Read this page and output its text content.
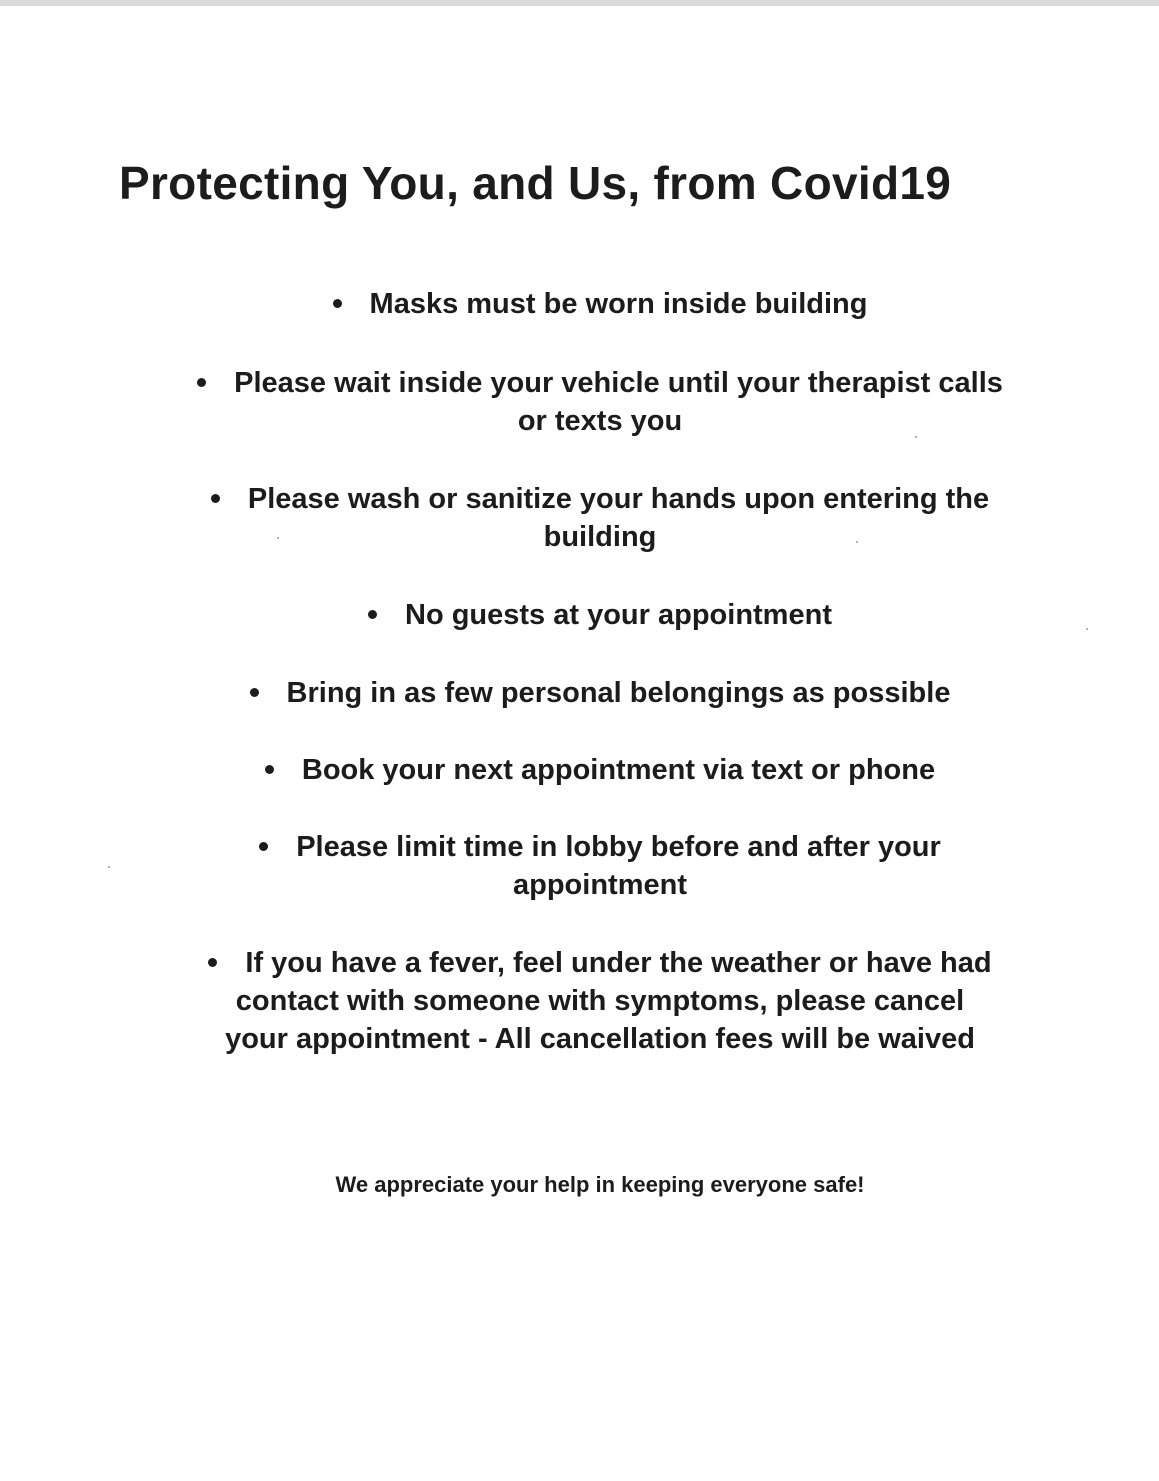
Protecting You, and Us, from Covid19
Masks must be worn inside building
Please wait inside your vehicle until your therapist calls
or texts you
Please wash or sanitize your hands upon entering the
building
No guests at your appointment
Bring in as few personal belongings as possible
Book your next appointment via text or phone
Please limit time in lobby before and after your
appointment
If you have a fever, feel under the weather or have had
contact with someone with symptoms, please cancel
your appointment - All cancellation fees will be waived

We appreciate your help in keeping everyone safe!
